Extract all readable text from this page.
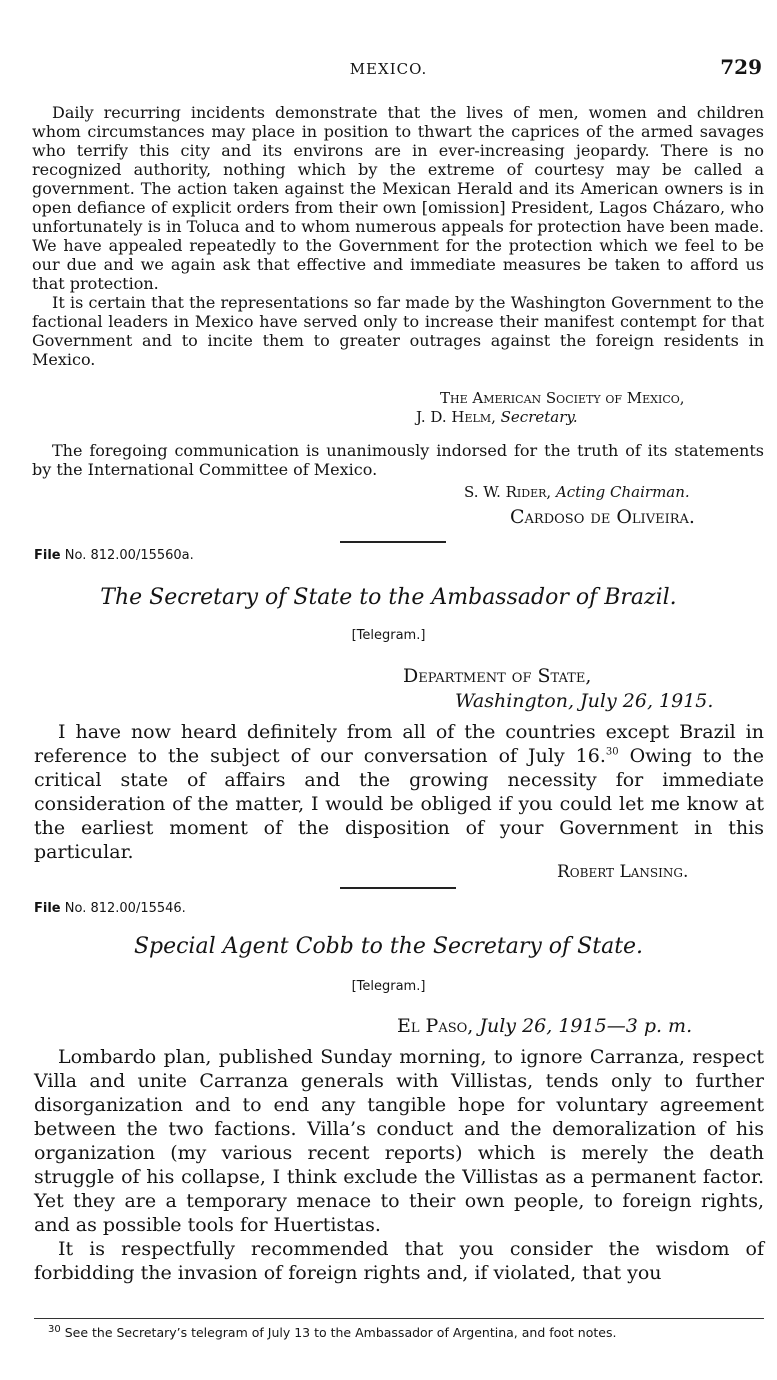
MEXICO.	729

Daily recurring incidents demonstrate that the lives of men, women and children whom circumstances may place in position to thwart the caprices of the armed savages who terrify this city and its environs are in ever-increasing jeopardy. There is no recognized authority, nothing which by the extreme of courtesy may be called a government. The action taken against the Mexican Herald and its American owners is in open defiance of explicit orders from their own [omission] President, Lagos Cházaro, who unfortunately is in Toluca and to whom numerous appeals for protection have been made. We have appealed repeatedly to the Government for the protection which we feel to be our due and we again ask that effective and immediate measures be taken to afford us that protection.

It is certain that the representations so far made by the Washington Government to the factional leaders in Mexico have served only to increase their manifest contempt for that Government and to incite them to greater outrages against the foreign residents in Mexico.

The American Society of Mexico,
J. D. Helm, Secretary.

The foregoing communication is unanimously indorsed for the truth of its statements by the International Committee of Mexico.

S. W. Rider, Acting Chairman.
Cardoso de Oliveira.
File No. 812.00/15560a.
The Secretary of State to the Ambassador of Brazil.
[Telegram.]
Department of State,
Washington, July 26, 1915.

I have now heard definitely from all of the countries except Brazil in reference to the subject of our conversation of July 16.30 Owing to the critical state of affairs and the growing necessity for immediate consideration of the matter, I would be obliged if you could let me know at the earliest moment of the disposition of your Government in this particular.

Robert Lansing.
File No. 812.00/15546.
Special Agent Cobb to the Secretary of State.
[Telegram.]
El Paso, July 26, 1915—3 p. m.

Lombardo plan, published Sunday morning, to ignore Carranza, respect Villa and unite Carranza generals with Villistas, tends only to further disorganization and to end any tangible hope for voluntary agreement between the two factions. Villa’s conduct and the demoralization of his organization (my various recent reports) which is merely the death struggle of his collapse, I think exclude the Villistas as a permanent factor. Yet they are a temporary menace to their own people, to foreign rights, and as possible tools for Huertistas.

It is respectfully recommended that you consider the wisdom of forbidding the invasion of foreign rights and, if violated, that you

$^{30}$ See the Secretary’s telegram of July 13 to the Ambassador of Argentina, and foot notes.
